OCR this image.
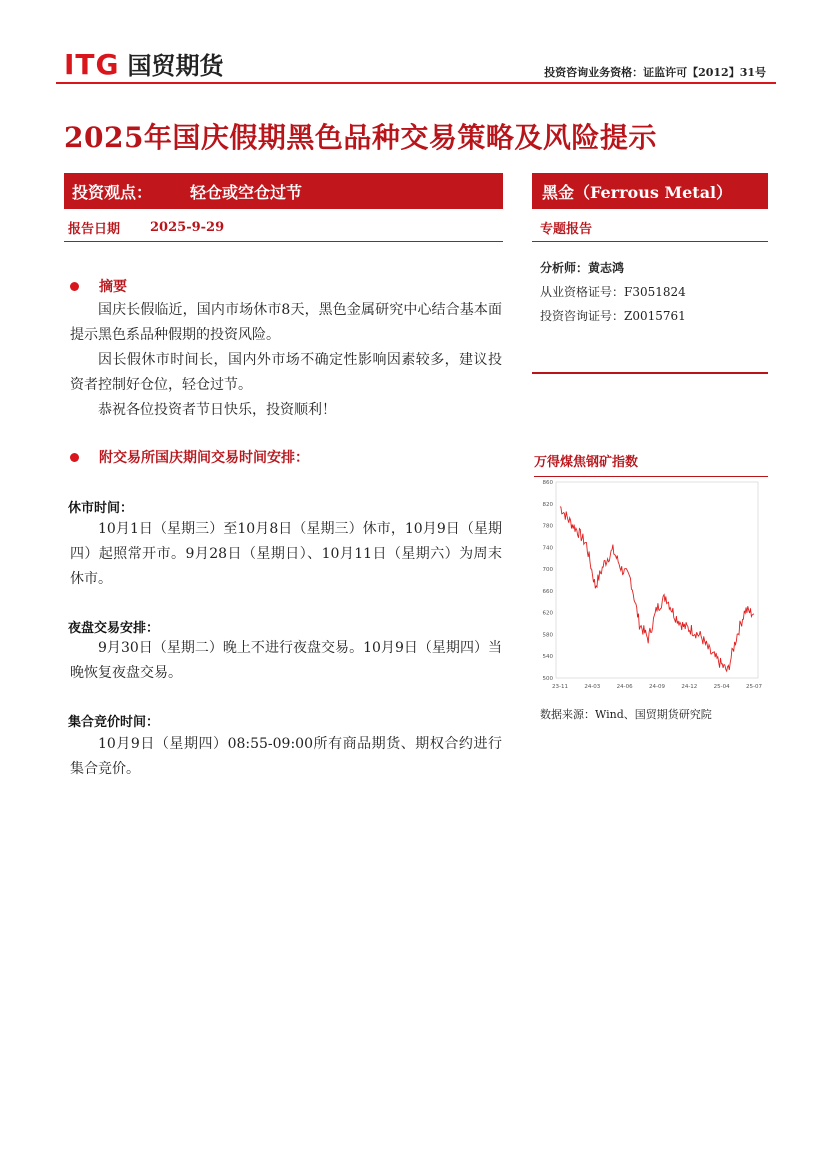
ITG 国贸期货	投资咨询业务资格：证监许可【2012】31号
2025年国庆假期黑色品种交易策略及风险提示
投资观点： 轻仓或空仓过节	黑金（Ferrous Metal）
报告日期 2025-9-29	专题报告
分析师：黄志鸿
从业资格证号：F3051824
投资咨询证号：Z0015761
摘要
国庆长假临近，国内市场休市8天，黑色金属研究中心结合基本面提示黑色系品种假期的投资风险。
因长假休市时间长，国内外市场不确定性影响因素较多，建议投资者控制好仓位，轻仓过节。
恭祝各位投资者节日快乐，投资顺利！
附交易所国庆期间交易时间安排：
休市时间：
10月1日（星期三）至10月8日（星期三）休市，10月9日（星期四）起照常开市。9月28日（星期日）、10月11日（星期六）为周末休市。
夜盘交易安排：
9月30日（星期二）晚上不进行夜盘交易。10月9日（星期四）当晚恢复夜盘交易。
集合竞价时间：
10月9日（星期四）08:55-09:00所有商品期货、期权合约进行集合竞价。
万得煤焦钢矿指数
500
540
580
620
660
700
740
780
820
860
23-11	24-03	24-06	24-09	24-12	25-04	25-07
数据来源：Wind、国贸期货研究院
